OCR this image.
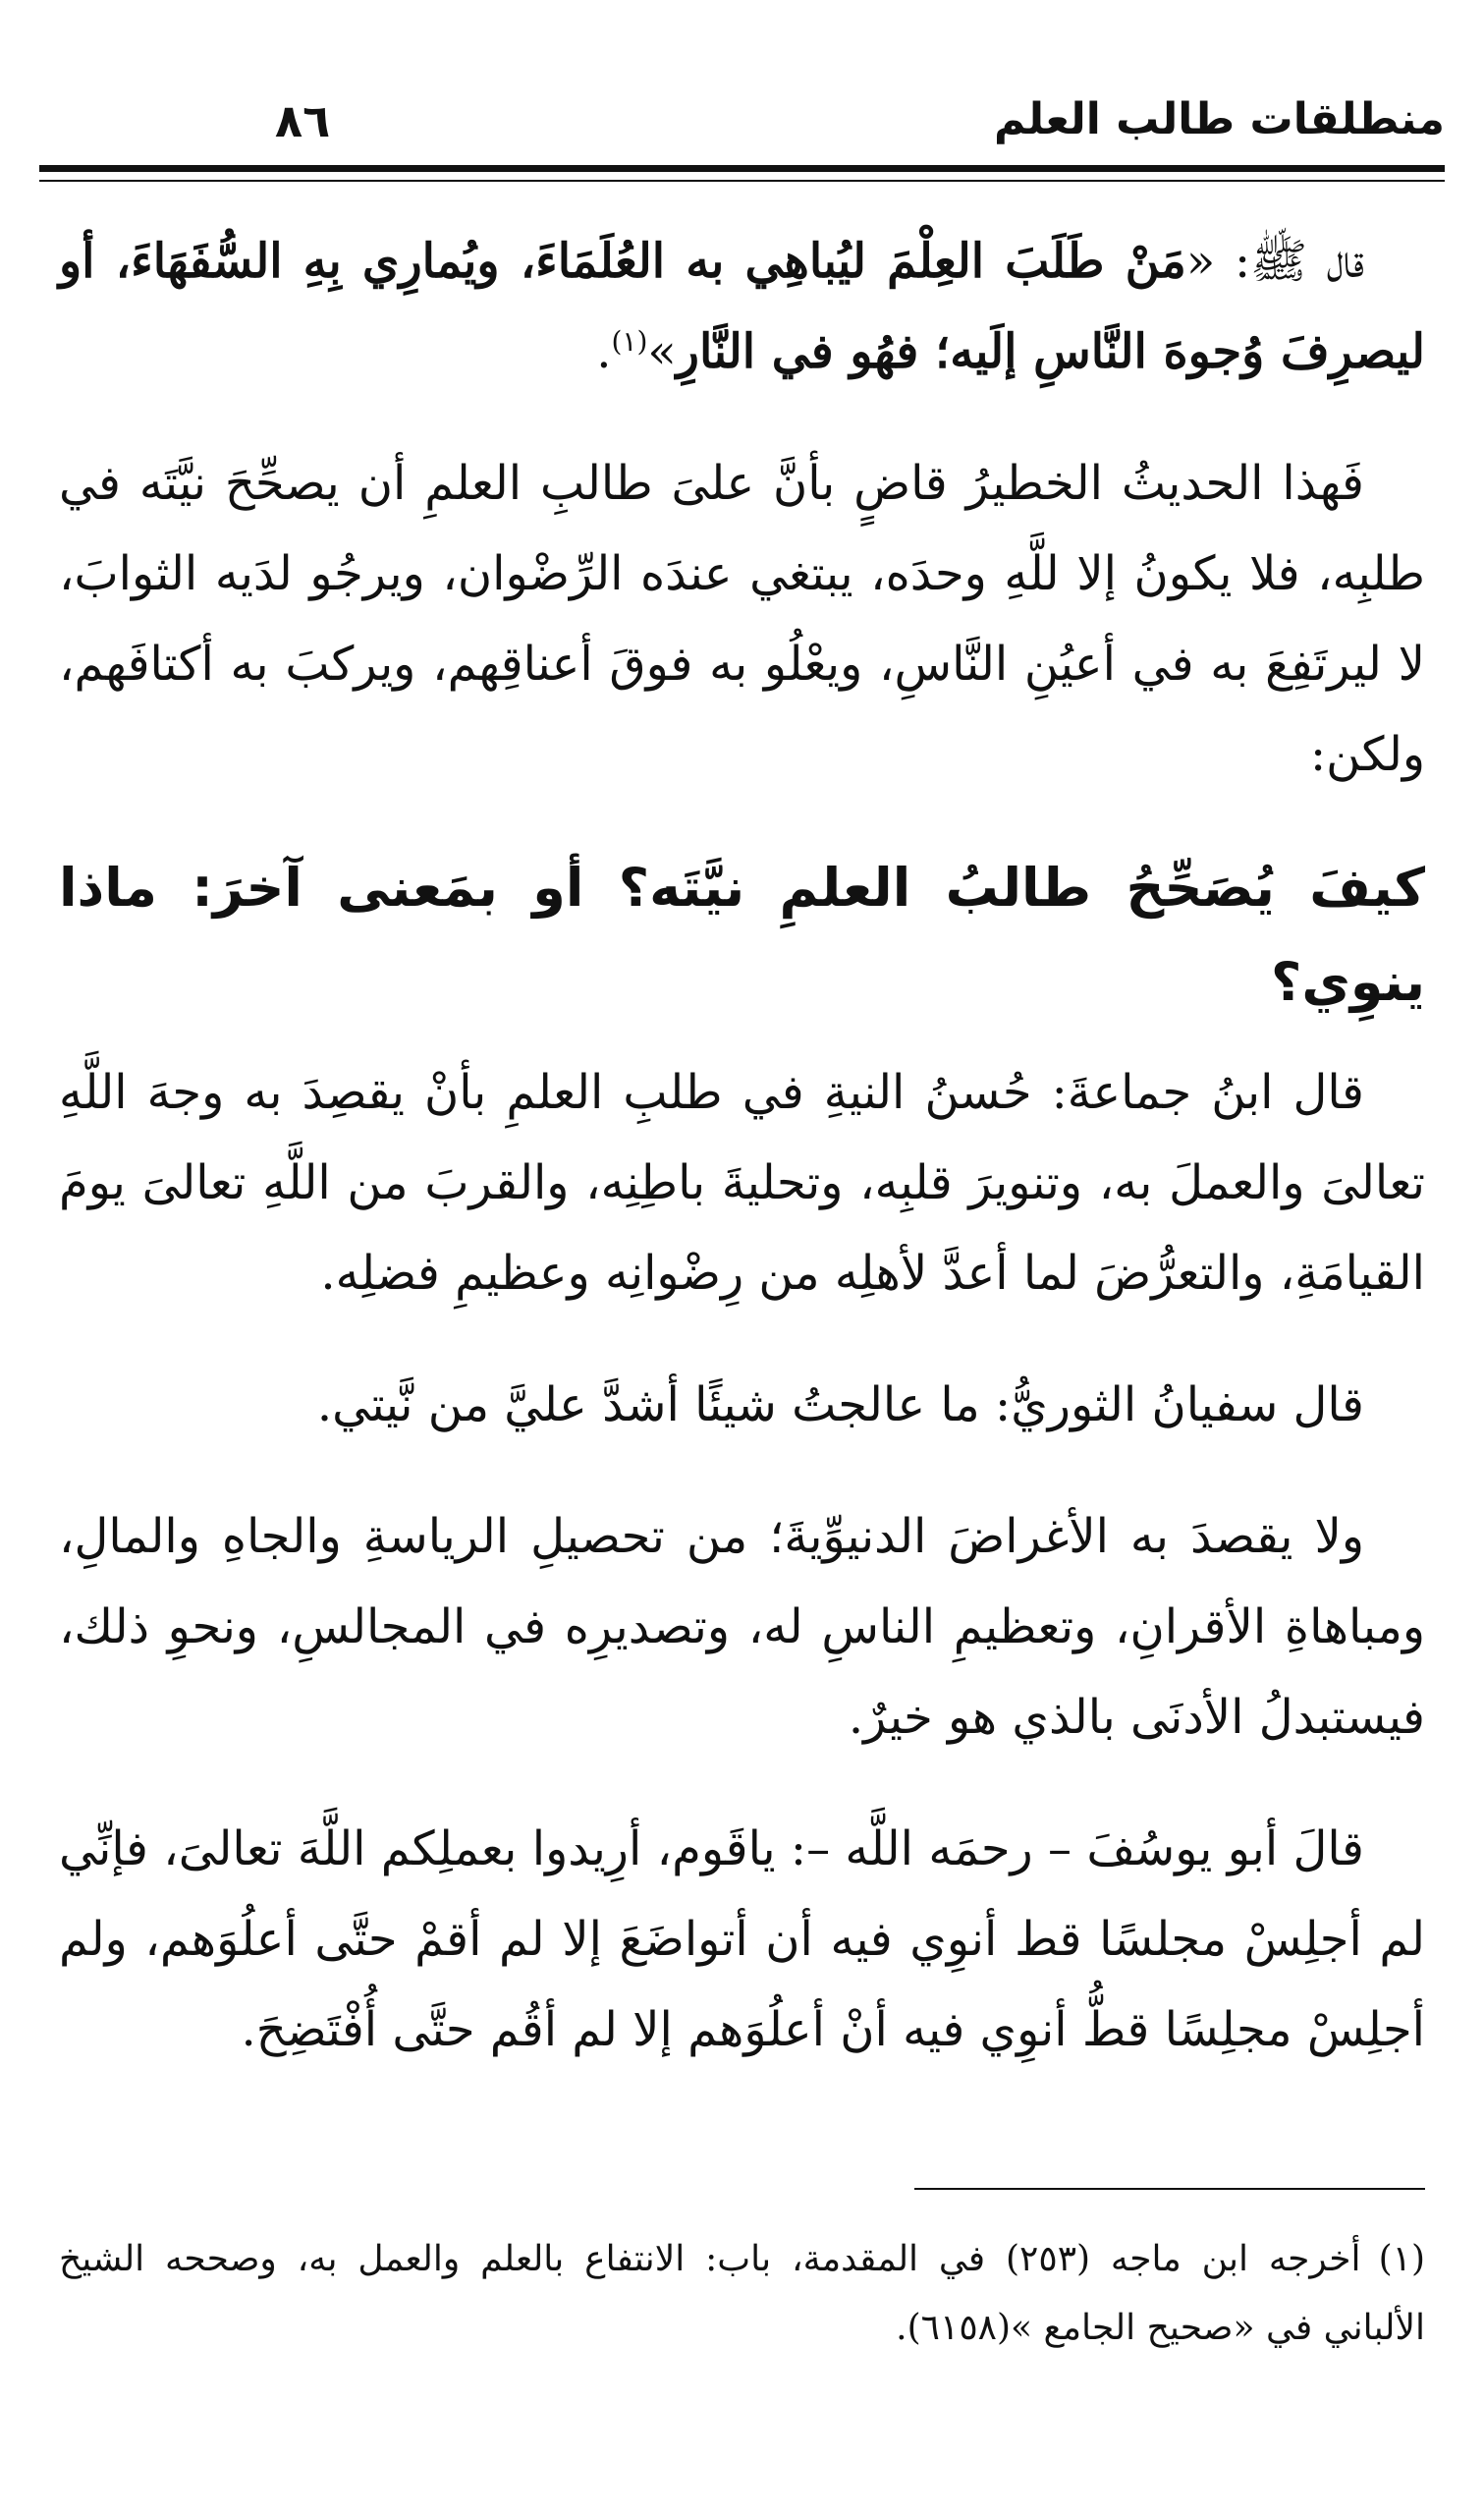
٨٦	منطلقات طالب العلم

قال ﷺ: «مَنْ طَلَبَ العِلْمَ ليُباهِي به العُلَمَاءَ، ويُمارِي بِهِ السُّفَهَاءَ، أو ليصرِفَ وُجوهَ النَّاسِ إلَيه؛ فهُو في النَّارِ»$^{(١)}$.

فَهذا الحديثُ الخطيرُ قاضٍ بأنَّ علىَ طالبِ العلمِ أن يصحِّحَ نيَّتَه في طلبِه، فلا يكونُ إلا للَّهِ وحدَه، يبتغي عندَه الرِّضْوان، ويرجُو لدَيه الثوابَ، لا ليرتَفِعَ به في أعيُنِ النَّاسِ، ويعْلُو به فوقَ أعناقِهم، ويركبَ به أكتافَهم، ولكن:

كيفَ يُصَحِّحُ طالبُ العلمِ نيَّتَه؟ أو بمَعنى آخرَ: ماذا ينوِي؟

قال ابنُ جماعةَ: حُسنُ النيةِ في طلبِ العلمِ بأنْ يقصِدَ به وجهَ اللَّهِ تعالىَ والعملَ به، وتنويرَ قلبِه، وتحليةَ باطِنِه، والقربَ من اللَّهِ تعالىَ يومَ القيامَةِ، والتعرُّضَ لما أعدَّ لأهلِه من رِضْوانِه وعظيمِ فضلِه.

قال سفيانُ الثوريُّ: ما عالجتُ شيئًا أشدَّ عليَّ من نَّيتي.

ولا يقصدَ به الأغراضَ الدنيوِّيةَ؛ من تحصيلِ الرياسةِ والجاهِ والمالِ، ومباهاةِ الأقرانِ، وتعظيمِ الناسِ له، وتصديرِه في المجالسِ، ونحوِ ذلك، فيستبدلُ الأدنَى بالذي هو خيرٌ.

قالَ أبو يوسُفَ – رحمَه اللَّه –: ياقَوم، أرِيدوا بعملِكم اللَّهَ تعالىَ، فإنِّي لم أجلِسْ مجلسًا قط أنوِي فيه أن أتواضَعَ إلا لم أقمْ حتَّى أعلُوَهم، ولم أجلِسْ مجلِسًا قطُّ أنوِي فيه أنْ أعلُوَهم إلا لم أقُم حتَّى أُفْتَضِحَ.

(١)أخرجه ابن ماجه (٢٥٣) في المقدمة، باب: الانتفاع بالعلم والعمل به، وصححه الشيخ الألباني في «صحيح الجامع »(٦١٥٨).
